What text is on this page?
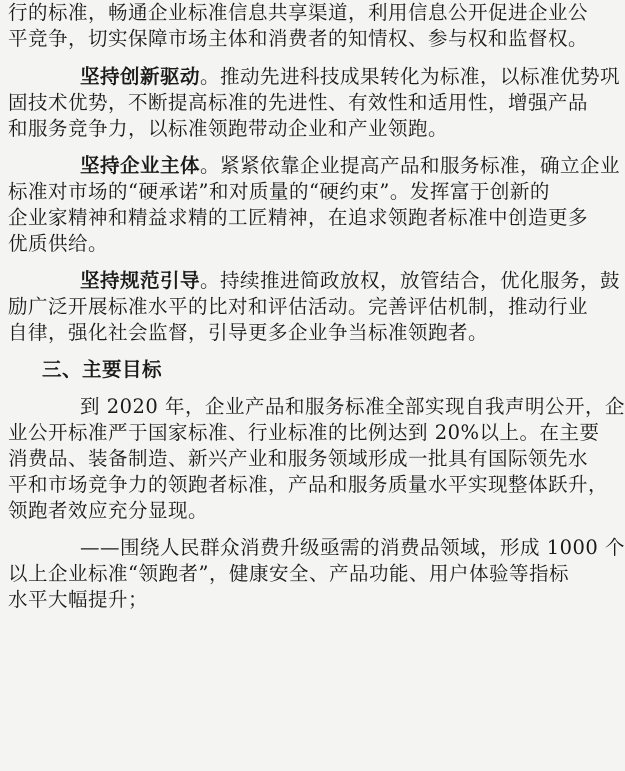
行的标准，畅通企业标准信息共享渠道，利用信息公开促进企业公
平竞争，切实保障市场主体和消费者的知情权、参与权和监督权。
坚持创新驱动。推动先进科技成果转化为标准，以标准优势巩
固技术优势，不断提高标准的先进性、有效性和适用性，增强产品
和服务竞争力，以标准领跑带动企业和产业领跑。
坚持企业主体。紧紧依靠企业提高产品和服务标准，确立企业
标准对市场的“硬承诺”和对质量的“硬约束”。发挥富于创新的
企业家精神和精益求精的工匠精神，在追求领跑者标准中创造更多
优质供给。
坚持规范引导。持续推进简政放权，放管结合，优化服务，鼓
励广泛开展标准水平的比对和评估活动。完善评估机制，推动行业
自律，强化社会监督，引导更多企业争当标准领跑者。
三、主要目标
到 2020 年，企业产品和服务标准全部实现自我声明公开，企
业公开标准严于国家标准、行业标准的比例达到 20%以上。在主要
消费品、装备制造、新兴产业和服务领域形成一批具有国际领先水
平和市场竞争力的领跑者标准，产品和服务质量水平实现整体跃升，
领跑者效应充分显现。
——围绕人民群众消费升级亟需的消费品领域，形成 1000 个
以上企业标准“领跑者”，健康安全、产品功能、用户体验等指标
水平大幅提升；
